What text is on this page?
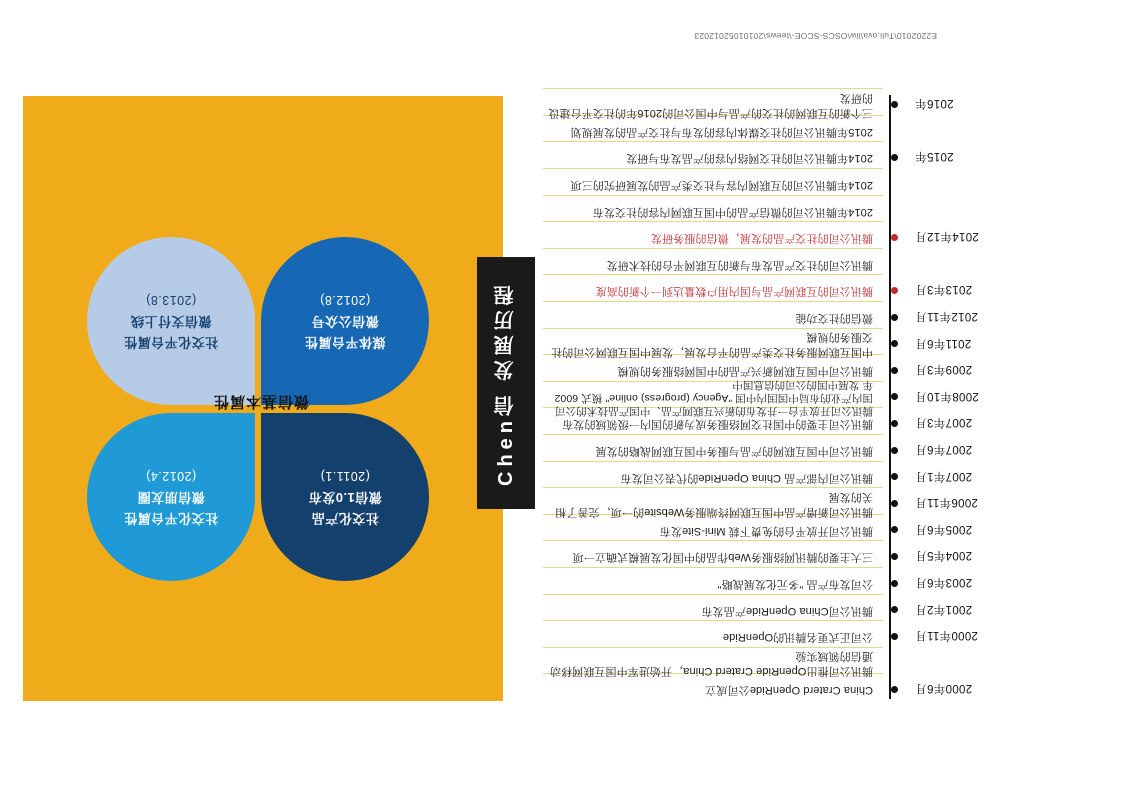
E2202010\Tuli.ova\liw\OSCS-SCOE-\teews\20101052012023
社交化产品
微信1.0发布
(2011.1)
社交化平台属性
微信朋友圈
(2012.4)
媒体平台属性
微信公众号
(2012.8)
社交化平台属性
微信支付上线
(2013.8)
微信基本属性	Chen信 发展历程
2000年6月
China Craterd OpenRide公司成立
腾讯公司推出OpenRide Craterd China，开始进军中国互联网移动通信的领域实验
2000年11月
公司正式更名腾讯的OpenRide
2001年2月
腾讯公司China OpenRide产品发布
2003年6月
公司发布产品 "多元化发展战略"
2004年5月
三大主要的腾讯网络服务Web作品的中国化发展模式确立一项
2005年6月
腾讯公司开放平台的免费下载 Mini-Site发布
2006年11月
腾讯公司新增产品中国互联网终端服务Website的一项，完善了相关的发展
2007年1月
腾讯公司内部产品 China OpenRide的代表公司发布
2007年6月
腾讯公司中国互联网的产品与服务中国互联网战略的发展
2007年3月
腾讯公司主要的中国社交网络服务成为新的国内一级领域的发布
2008年10月
腾讯公司开放平台一并发布的新兴互联网产品、中国产品技术的公司国内产业的布局中国国内中国 "Agency (progress) online" 模式 6002年 发展中国的公司的信息国中
2009年3月
腾讯公司中国互联网新兴产品的中国网络服务的规模
2011年6月
中国互联网服务社交类产品的平台发展，发展中国互联网公司的社交服务的规模
2012年11月
微信的社交功能
2013年3月
腾讯公司的互联网产品与国内用户数量达到一个新的高度
腾讯公司的社交产品发布与新的互联网平台的技术研发
2014年12月
腾讯公司的社交产品的发展，微信的服务研发
2014年腾讯公司的微信产品的中国互联网内容的社交发布
2014年腾讯公司的互联网内容与社交类产品的发展研究的三项
2015年
2014年腾讯公司的社交网络内容的产品发布与研发
2015年腾讯公司的社交媒体内容的发布与社交产品的发展规划
2016年
三个新的互联网的社交的产品与中国公司的2016年的社交平台建设的研发
